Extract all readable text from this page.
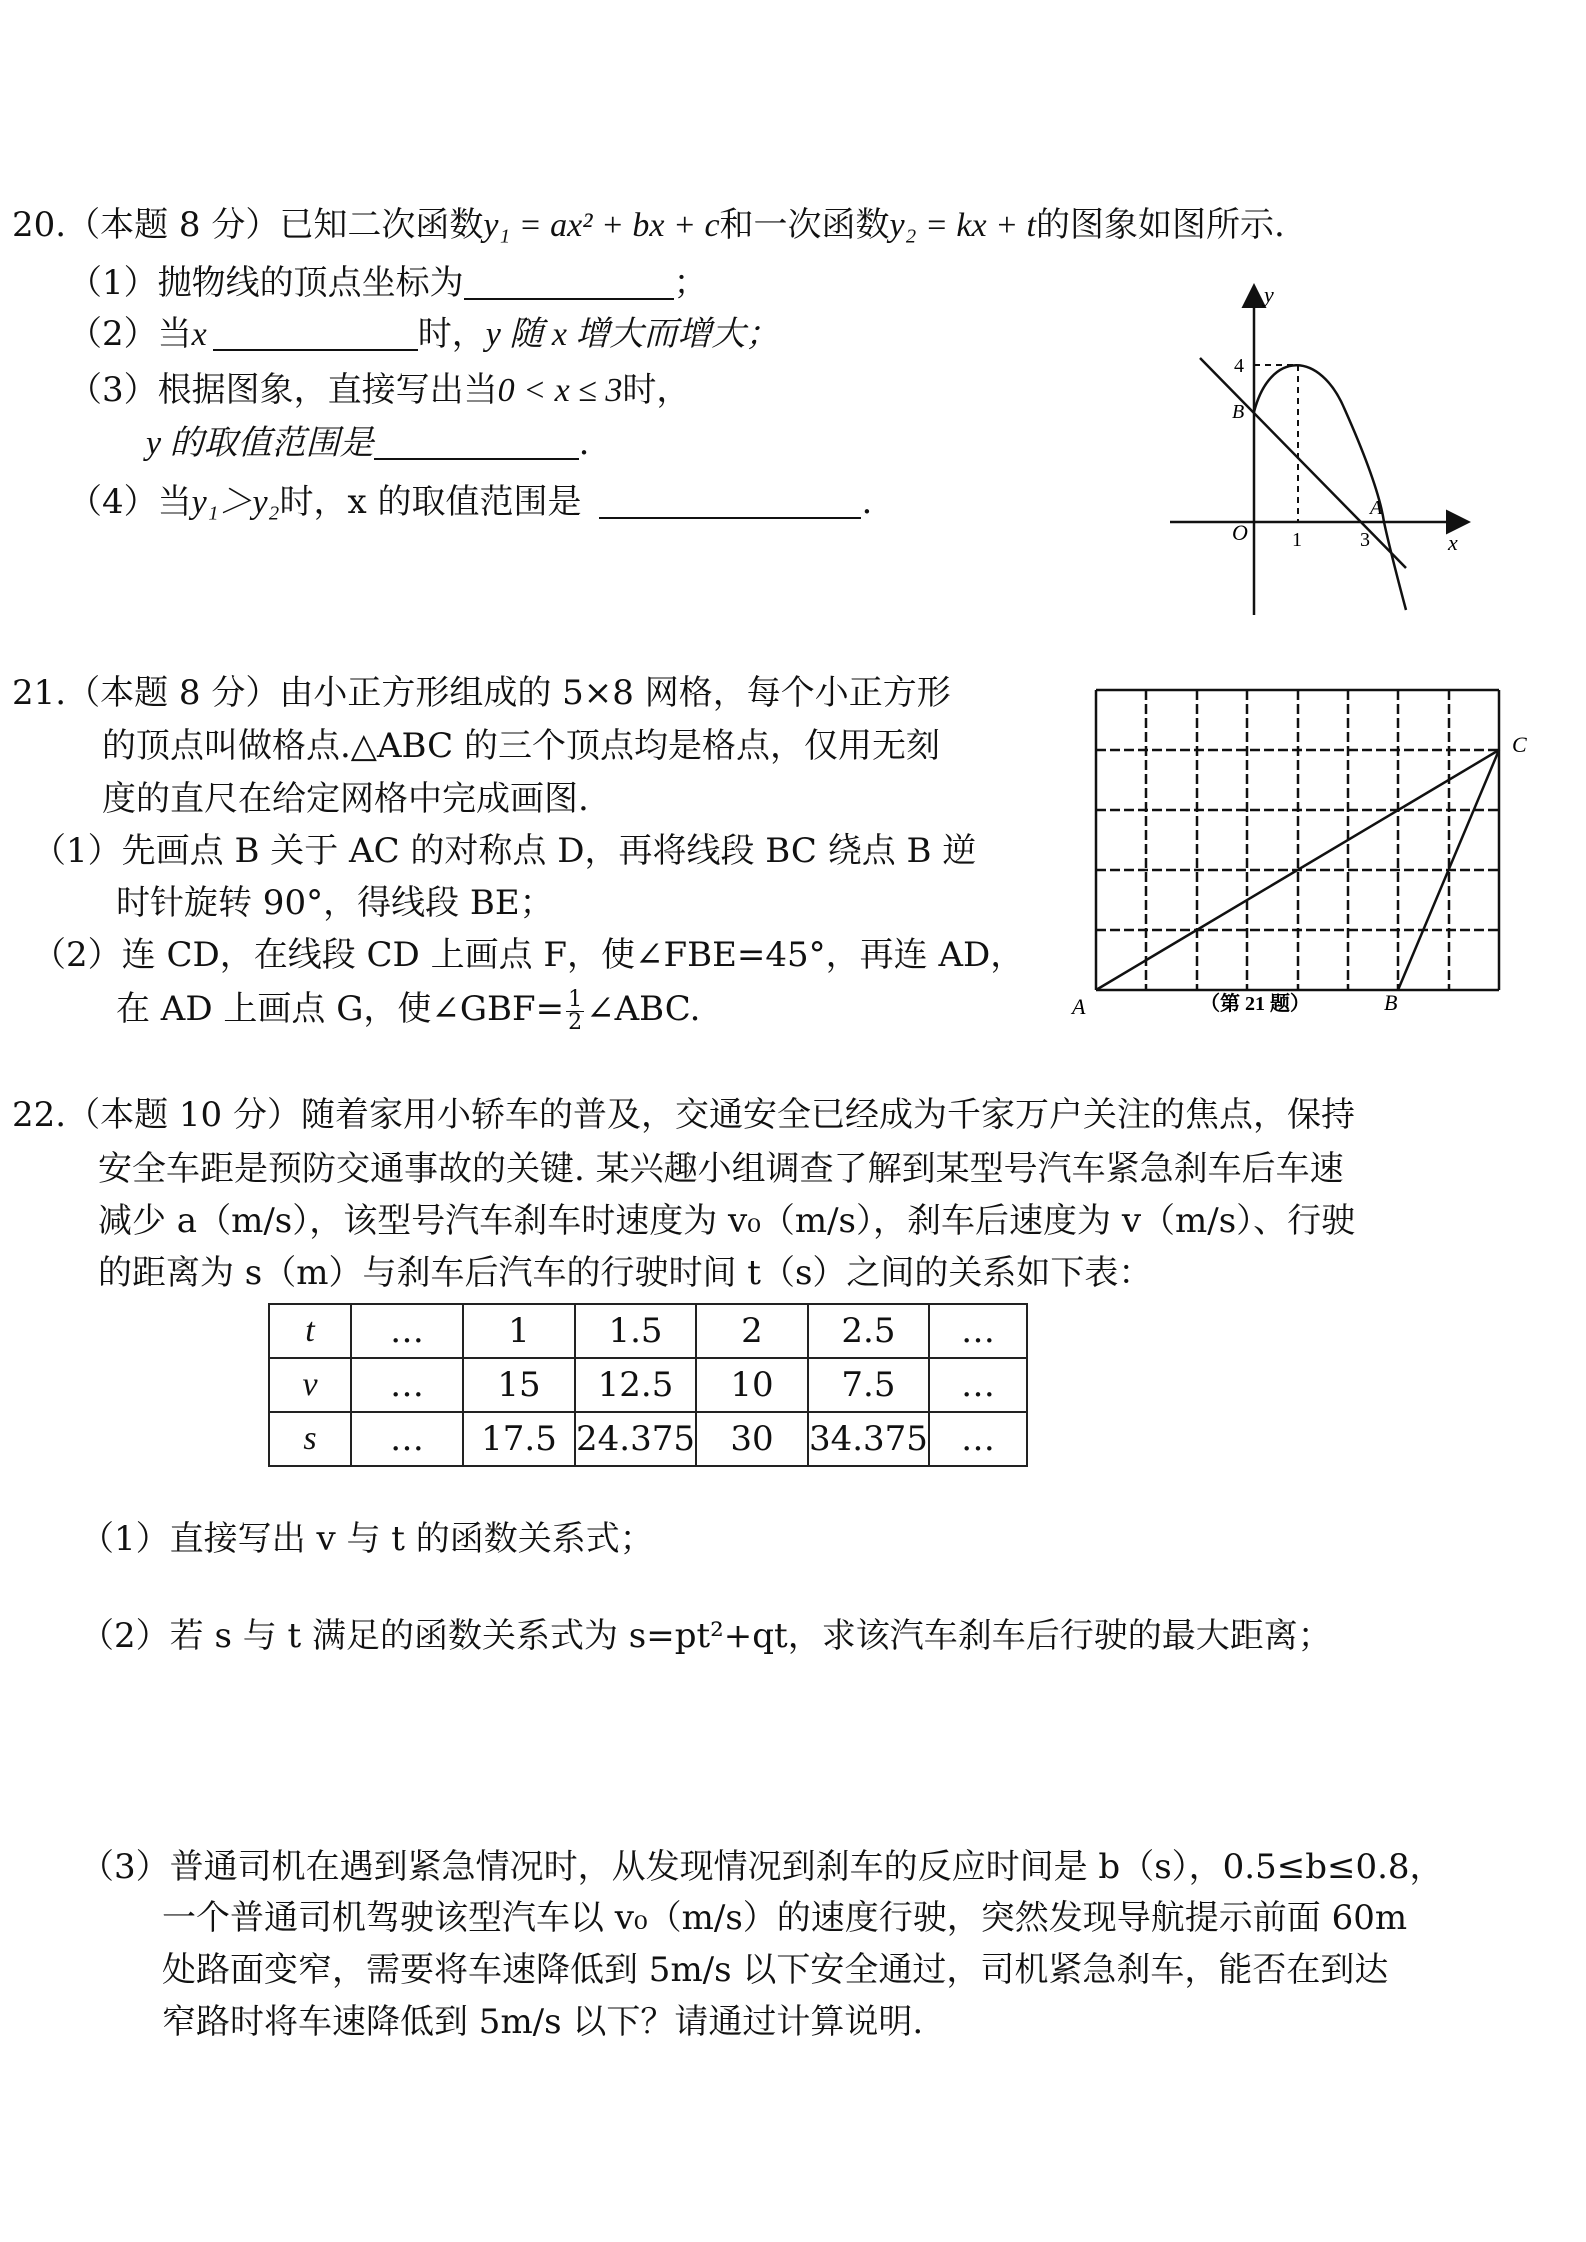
20.（本题 8 分）已知二次函数y₁ = ax² + bx + c和一次函数y₂ = kx + t的图象如图所示.
（1）抛物线的顶点坐标为	；
（2）当x	时，y 随 x 增大而增大；
（3）根据图象，直接写出当0 < x ≤ 3时，
y 的取值范围是	.
（4）当y₁＞y₂时，x 的取值范围是	.
y
x
O
4
1	3
A
B
21.（本题 8 分）由小正方形组成的 5×8 网格，每个小正方形
的顶点叫做格点.△ABC 的三个顶点均是格点，仅用无刻
度的直尺在给定网格中完成画图.
（1）先画点 B 关于 AC 的对称点 D，再将线段 BC 绕点 B 逆
时针旋转 90°，得线段 BE；
（2）连 CD，在线段 CD 上画点 F，使∠FBE=45°，再连 AD，
在 AD 上画点 G，使∠GBF= $\frac{1}{2}$ ∠ABC.	A	B
C
（第 21 题）
22.（本题 10 分）随着家用小轿车的普及，交通安全已经成为千家万户关注的焦点，保持
安全车距是预防交通事故的关键. 某兴趣小组调查了解到某型号汽车紧急刹车后车速
减少 a（m/s），该型号汽车刹车时速度为 v₀（m/s），刹车后速度为 v（m/s）、行驶
的距离为 s（m）与刹车后汽车的行驶时间 t（s）之间的关系如下表：
t	…	1	1.5	2	2.5	…
v	…	15	12.5	10	7.5	…
s	…	17.5	24.375	30	34.375	…
（1）直接写出 v 与 t 的函数关系式；
（2）若 s 与 t 满足的函数关系式为 s=pt²+qt，求该汽车刹车后行驶的最大距离；
（3）普通司机在遇到紧急情况时，从发现情况到刹车的反应时间是 b（s），0.5≤b≤0.8，
一个普通司机驾驶该型汽车以 v₀（m/s）的速度行驶，突然发现导航提示前面 60m
处路面变窄，需要将车速降低到 5m/s 以下安全通过，司机紧急刹车，能否在到达
窄路时将车速降低到 5m/s 以下？请通过计算说明.
